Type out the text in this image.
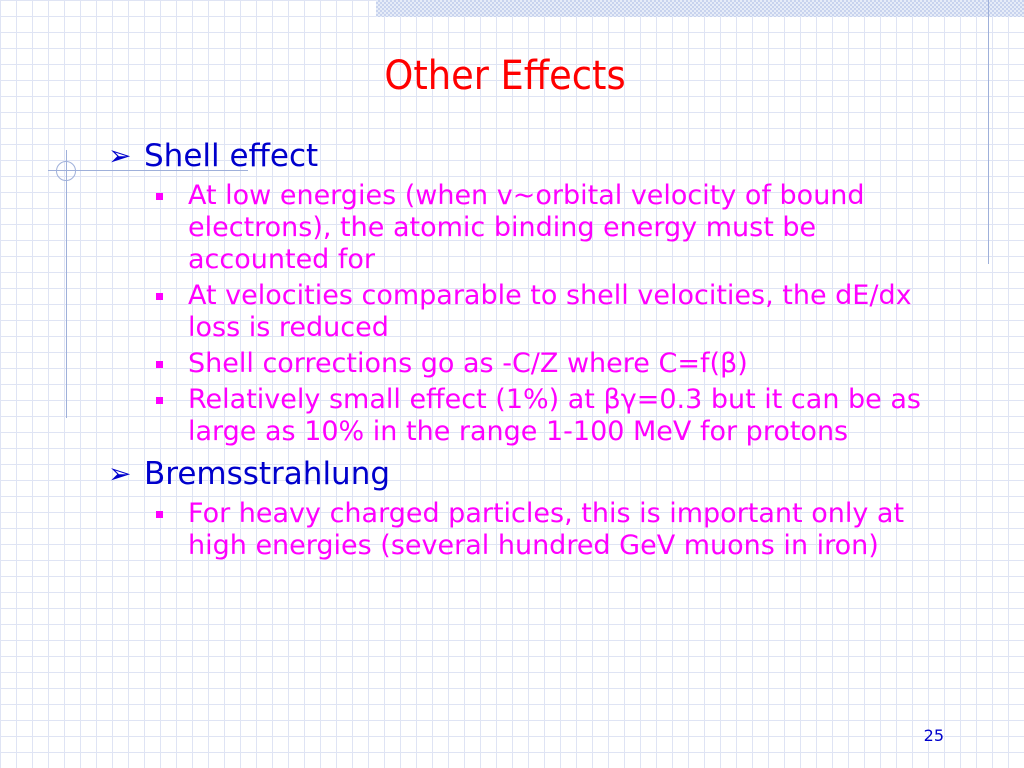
Other Effects
➢ Shell effect
At low energies (when v~orbital velocity of bound electrons), the atomic binding energy must be accounted for
At velocities comparable to shell velocities, the dE/dx loss is reduced
Shell corrections go as -C/Z where C=f(β)
Relatively small effect (1%) at βγ=0.3 but it can be as large as 10% in the range 1-100 MeV for protons
➢ Bremsstrahlung
For heavy charged particles, this is important only at high energies (several hundred GeV muons in iron)
25
